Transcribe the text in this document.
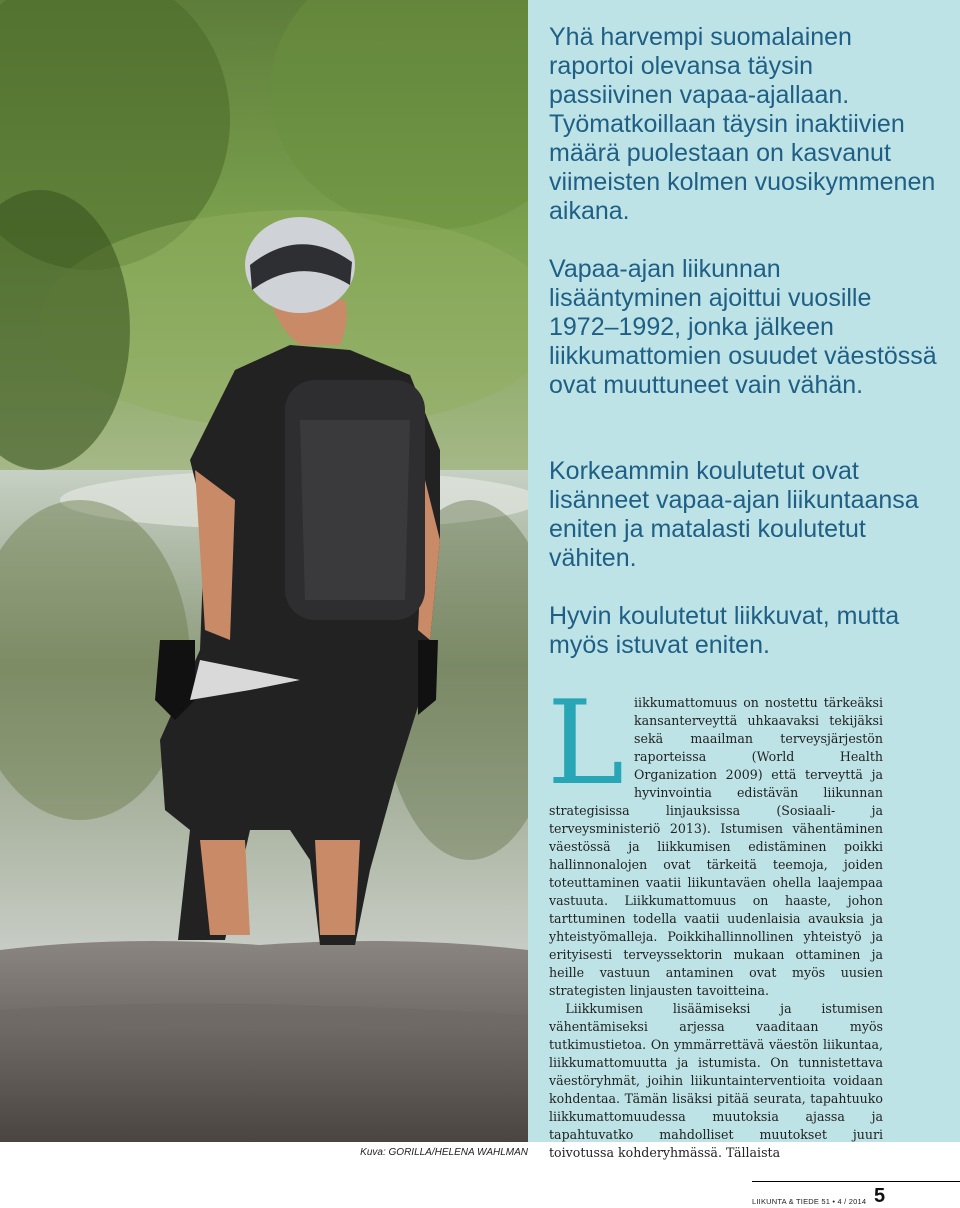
Yhä harvempi suomalainen raportoi olevansa täysin passiivinen vapaa-ajallaan. Työmatkoillaan täysin inaktiivien määrä puolestaan on kasvanut viimeisten kolmen vuosikymmenen aikana.

Vapaa-ajan liikunnan lisääntyminen ajoittui vuosille 1972–1992, jonka jälkeen liikkumattomien osuudet väestössä ovat muuttuneet vain vähän.

Korkeammin koulutetut ovat lisänneet vapaa-ajan liikuntaansa eniten ja matalasti koulutetut vähiten.

Hyvin koulutetut liikkuvat, mutta myös istuvat eniten.

Liikkumattomuus on nostettu tärkeäksi kansanterveyttä uhkaavaksi tekijäksi sekä maailman terveysjärjestön raporteissa (World Health Organization 2009) että terveyttä ja hyvinvointia edistävän liikunnan strategisissa linjauksissa (Sosiaali- ja terveysministeriö 2013). Istumisen vähentäminen väestössä ja liikkumisen edistäminen poikki hallinnonalojen ovat tärkeitä teemoja, joiden toteuttaminen vaatii liikuntaväen ohella laajempaa vastuuta. Liikkumattomuus on haaste, johon tarttuminen todella vaatii uudenlaisia avauksia ja yhteistyömalleja. Poikkihallinnollinen yhteistyö ja erityisesti terveyssektorin mukaan ottaminen ja heille vastuun antaminen ovat myös uusien strategisten linjausten tavoitteina.

Liikkumisen lisäämiseksi ja istumisen vähentämiseksi arjessa vaaditaan myös tutkimustietoa. On ymmärrettävä väestön liikuntaa, liikkumattomuutta ja istumista. On tunnistettava väestöryhmät, joihin liikuntainterventioita voidaan kohdentaa. Tämän lisäksi pitää seurata, tapahtuuko liikkumattomuudessa muutoksia ajassa ja tapahtuvatko mahdolliset muutokset juuri toivotussa kohderyhmässä. Tällaista

Kuva: GORILLA/HELENA WAHLMAN
LIIKUNTA & TIEDE 51 • 4 / 2014 5
